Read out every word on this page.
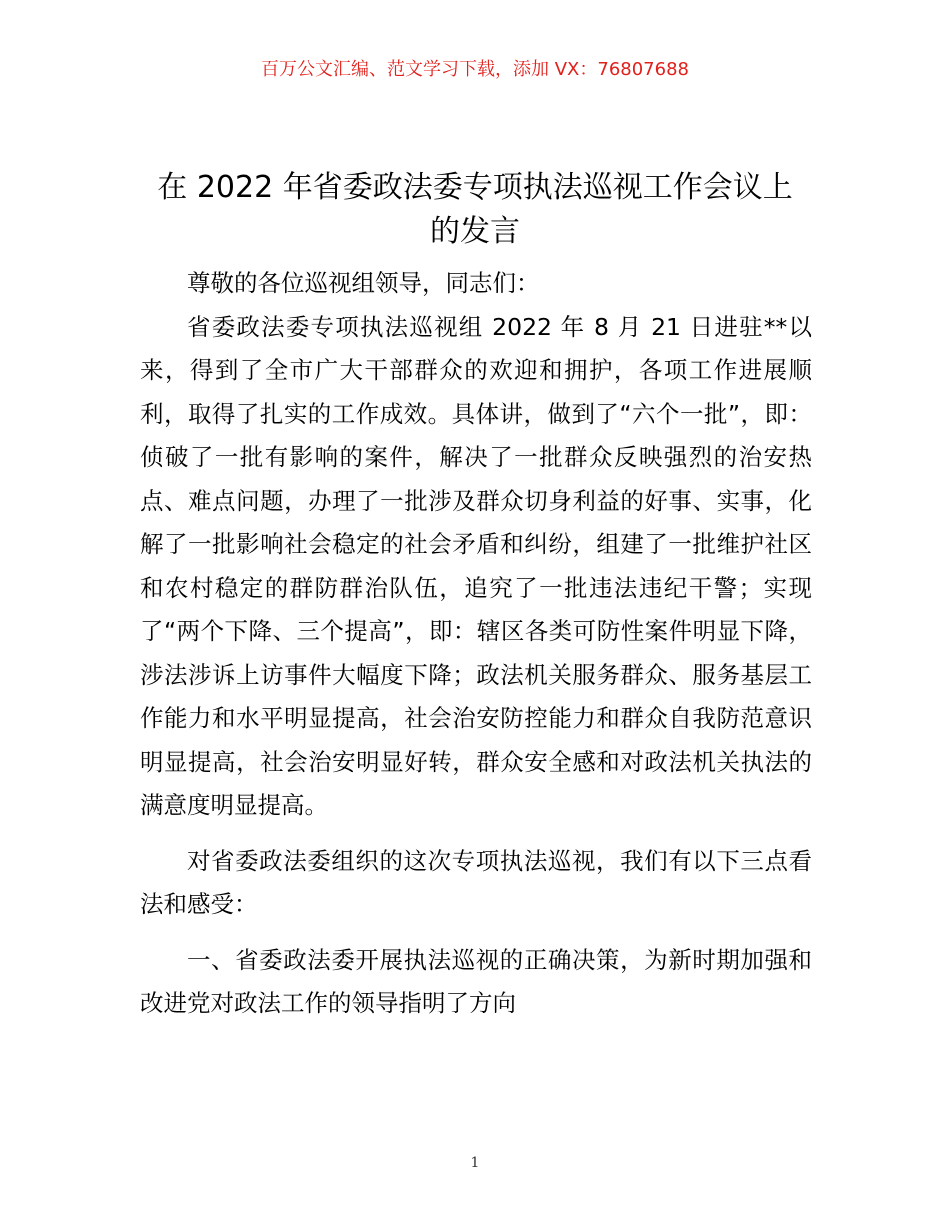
百万公文汇编、范文学习下载，添加 VX：76807688
在 2022 年省委政法委专项执法巡视工作会议上
的发言

尊敬的各位巡视组领导，同志们：

省委政法委专项执法巡视组 2022 年 8 月 21 日进驻**以来，得到了全市广大干部群众的欢迎和拥护，各项工作进展顺利，取得了扎实的工作成效。具体讲，做到了“六个一批”，即：侦破了一批有影响的案件，解决了一批群众反映强烈的治安热点、难点问题，办理了一批涉及群众切身利益的好事、实事，化解了一批影响社会稳定的社会矛盾和纠纷，组建了一批维护社区和农村稳定的群防群治队伍，追究了一批违法违纪干警；实现了“两个下降、三个提高”，即：辖区各类可防性案件明显下降，涉法涉诉上访事件大幅度下降；政法机关服务群众、服务基层工作能力和水平明显提高，社会治安防控能力和群众自我防范意识明显提高，社会治安明显好转，群众安全感和对政法机关执法的满意度明显提高。

对省委政法委组织的这次专项执法巡视，我们有以下三点看法和感受：

一、省委政法委开展执法巡视的正确决策，为新时期加强和改进党对政法工作的领导指明了方向

1
